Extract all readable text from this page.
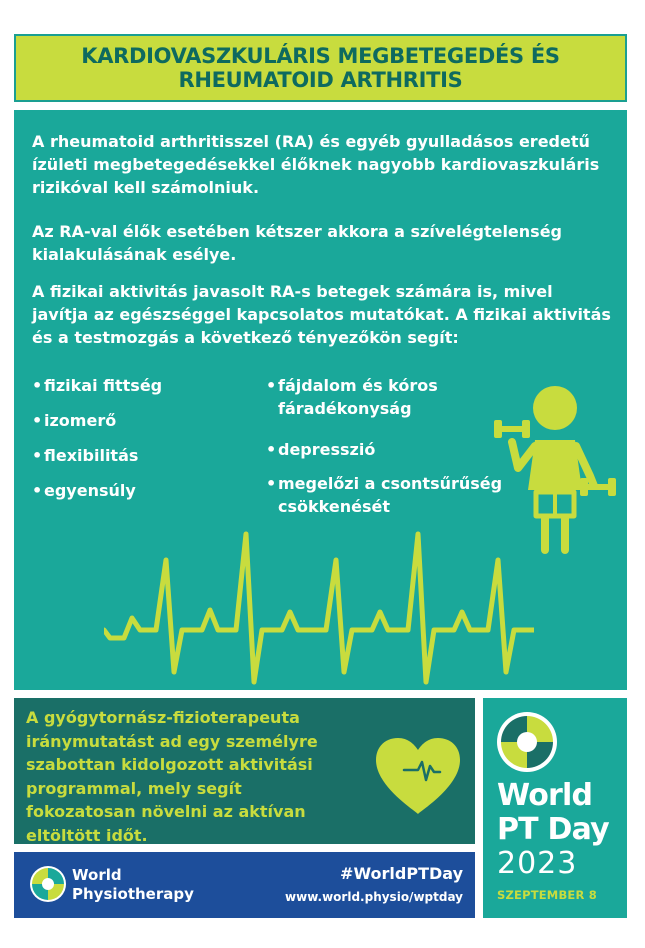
KARDIOVASZKULÁRIS MEGBETEGEDÉS ÉS
RHEUMATOID ARTHRITIS

A rheumatoid arthritisszel (RA) és egyéb gyulladásos eredetű ízületi megbetegedésekkel élőknek nagyobb kardiovaszkuláris rizikóval kell számolniuk.

Az RA-val élők esetében kétszer akkora a szívelégtelenség kialakulásának esélye.

A fizikai aktivitás javasolt RA-s betegek számára is, mivel javítja az egészséggel kapcsolatos mutatókat. A fizikai aktivitás és a testmozgás a következő tényezőkön segít:

• fizikai fittség
• izomerő
• flexibilitás
• egyensúly
• fájdalom és kóros
fáradékonyság
• depresszió
• megelőzi a csontsűrűség
csökkenését

A gyógytornász-fizioterapeuta iránymutatást ad egy személyre szabottan kidolgozott aktivitási programmal, mely segít fokozatosan növelni az aktívan eltöltött időt.

World
Physiotherapy
#WorldPTDay
www.world.physio/wptday
World
PT Day
2023
SZEPTEMBER 8
